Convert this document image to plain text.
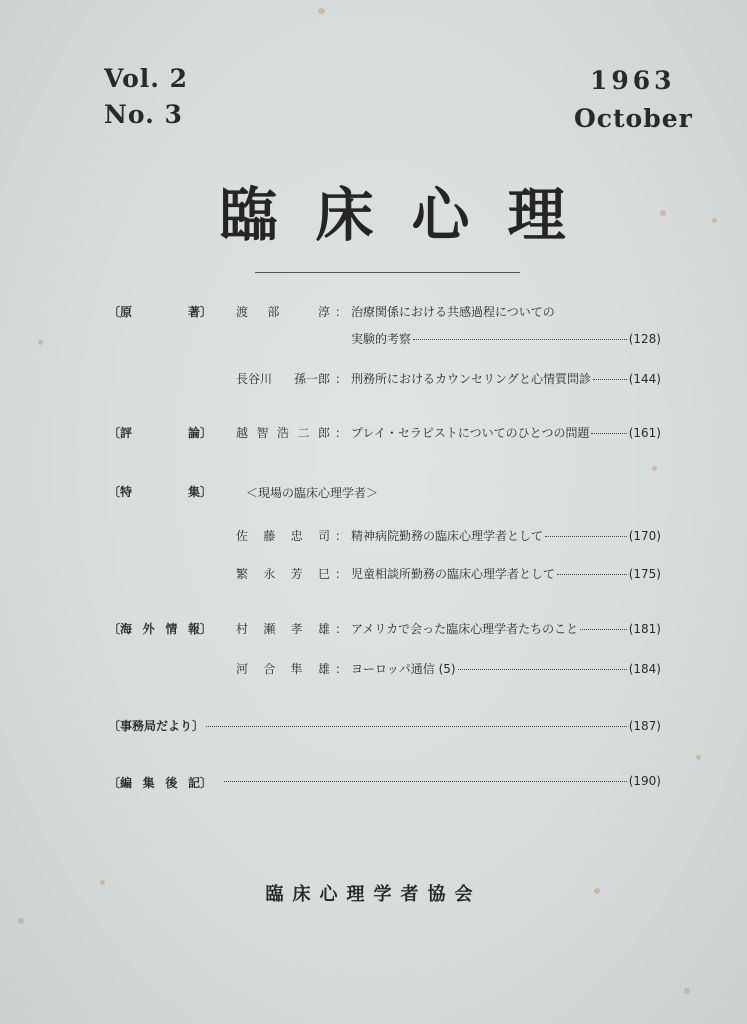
Vol. 2
No. 3
1963
October
臨床心理
〔原	著〕 渡 部	淳 ： 治療関係における共感過程についての
実験的考察	(128)
長谷川 孫一郎 ： 刑務所におけるカウンセリングと心情質問診	(144)
〔評	論〕 越 智 浩 二 郎 ： プレイ・セラピストについてのひとつの問題	(161)
〔特	集〕	＜現場の臨床心理学者＞
佐 藤 忠 司 ： 精神病院勤務の臨床心理学者として	(170)
繁 永 芳 巳 ： 児童相談所勤務の臨床心理学者として	(175)
〔海 外 情 報〕 村 瀬 孝 雄 ： アメリカで会った臨床心理学者たちのこと	(181)
河 合 隼 雄 ： ヨーロッパ通信 (5)	(184)
〔事務局だより〕	(187)
〔編 集 後 記〕	(190)
臨床心理学者協会
